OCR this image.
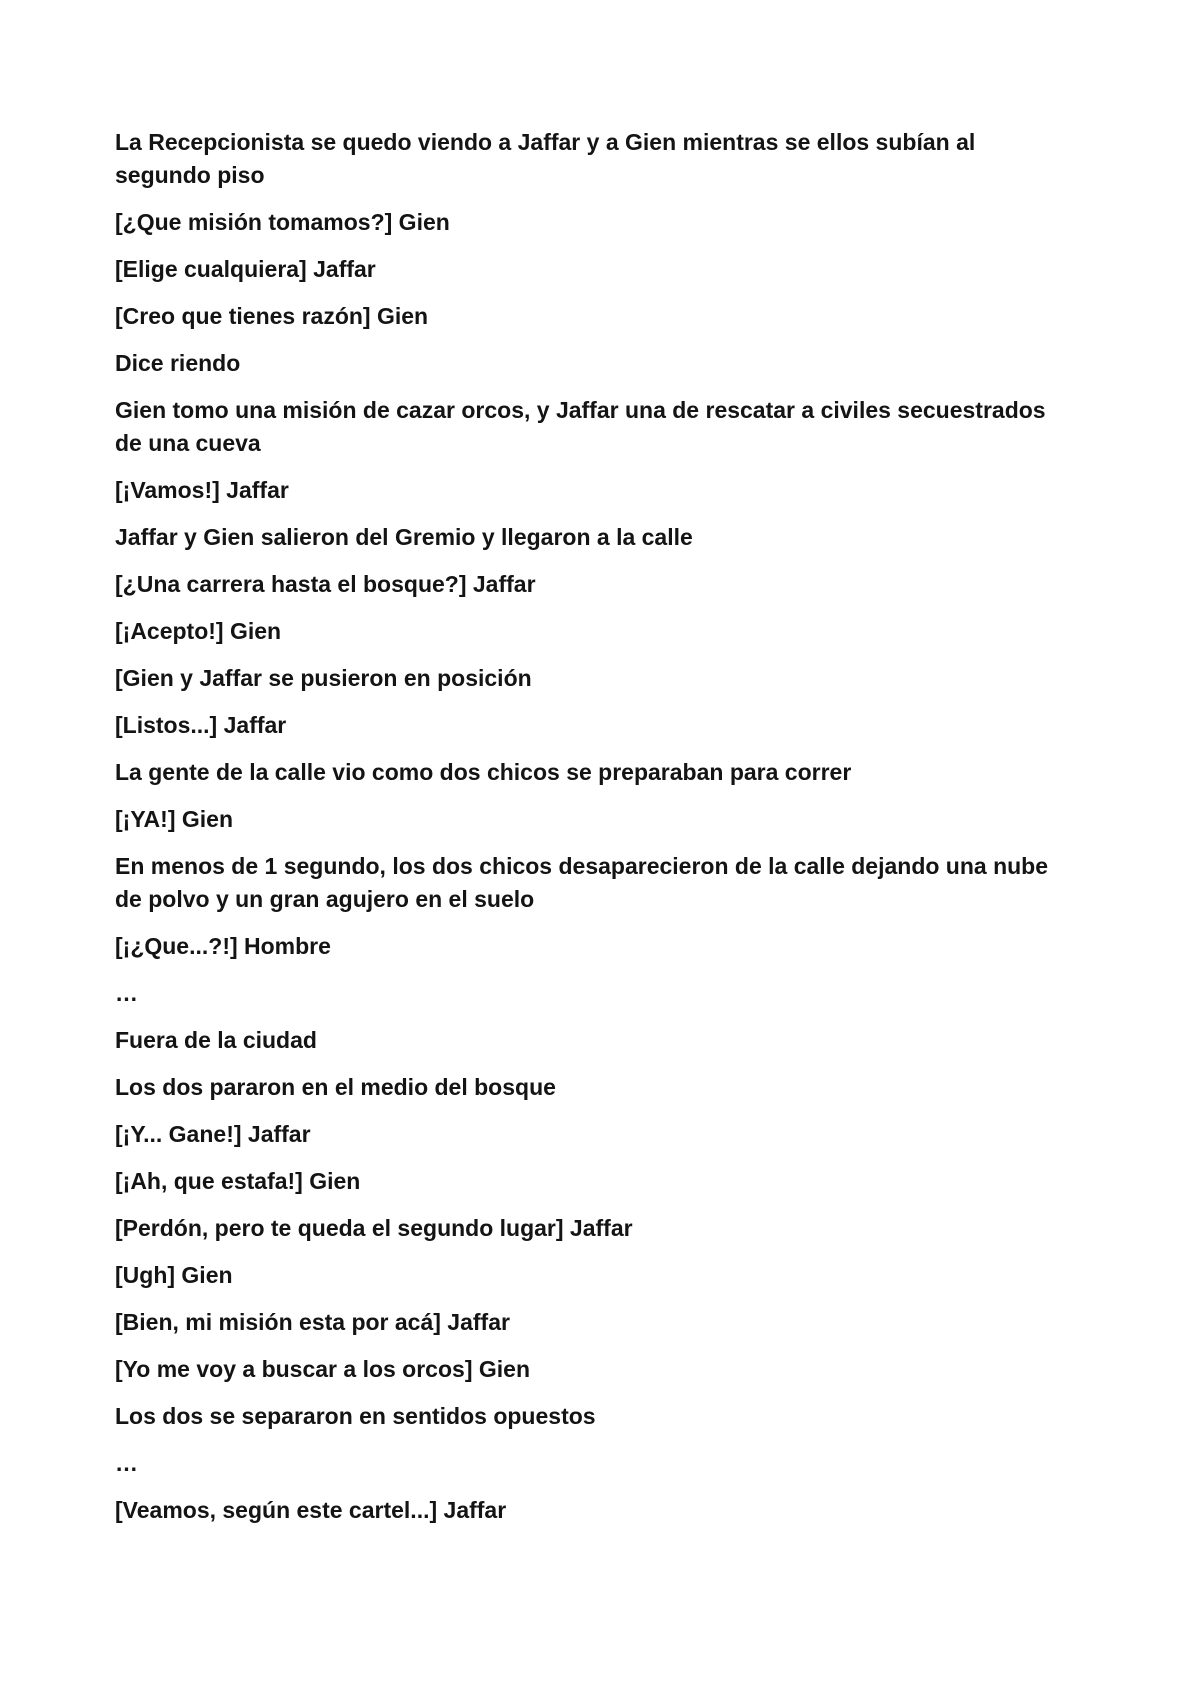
La Recepcionista se quedo viendo a Jaffar y a Gien mientras se ellos subían al segundo piso

[¿Que misión tomamos?] Gien

[Elige cualquiera] Jaffar

[Creo que tienes razón] Gien

Dice riendo

Gien tomo una misión de cazar orcos, y Jaffar una de rescatar a civiles secuestrados de una cueva

[¡Vamos!] Jaffar

Jaffar y Gien salieron del Gremio y llegaron a la calle

[¿Una carrera hasta el bosque?] Jaffar

[¡Acepto!] Gien

[Gien y Jaffar se pusieron en posición

[Listos...] Jaffar

La gente de la calle vio como dos chicos se preparaban para correr

[¡YA!] Gien

En menos de 1 segundo, los dos chicos desaparecieron de la calle dejando una nube de polvo y un gran agujero en el suelo

[¡¿Que...?!] Hombre

…

Fuera de la ciudad

Los dos pararon en el medio del bosque

[¡Y... Gane!] Jaffar

[¡Ah, que estafa!] Gien

[Perdón, pero te queda el segundo lugar] Jaffar

[Ugh] Gien

[Bien, mi misión esta por acá] Jaffar

[Yo me voy a buscar a los orcos] Gien

Los dos se separaron en sentidos opuestos

…

[Veamos, según este cartel...] Jaffar
